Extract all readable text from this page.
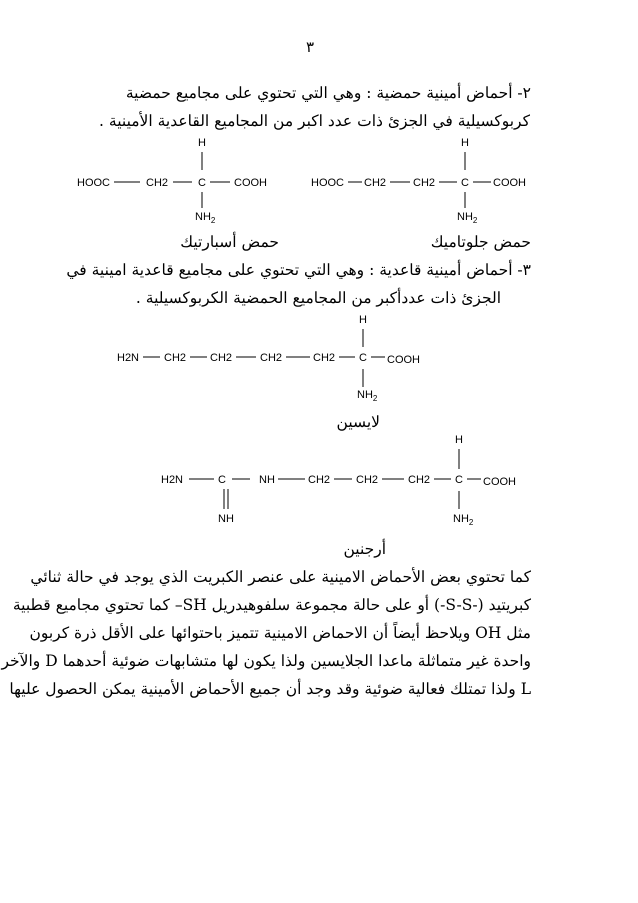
٣
٢- أحماض أمينية حمضية : وهي التي تحتوي على مجاميع حمضية
كربوكسيلية في الجزئ ذات عدد اكبر من المجاميع القاعدية الأمينية .
H
HOOC CH2 CH2 C COOH
$NH_2$
H
HOOC	CH2	C	COOH
$NH_2$
حمض جلوتاميك
حمض أسبارتيك
٣- أحماض أمينية قاعدية : وهي التي تحتوي على مجاميع قاعدية امينية في
الجزئ ذات عددأكبر من المجاميع الحمضية الكربوكسيلية .
H
H2N CH2 CH2	CH2	CH2 C COOH
$NH_2$
لايسين
H
H2N	C
NH
NH	CH2 CH2	CH2 C COOH
$NH_2$
أرجنين
كما تحتوي بعض الأحماض الامينية على عنصر الكبريت الذي يوجد في حالة ثنائي
كبريتيد (-S-S-) أو على حالة مجموعة سلفوهيدريل SH– كما تحتوي مجاميع قطبية
مثل OH ويلاحظ أيضاً أن الاحماض الامينية تتميز باحتوائها على الأقل ذرة كربون
واحدة غير متماثلة ماعدا الجلايسين ولذا يكون لها متشابهات ضوئية أحدهما D والآخر
L ولذا تمتلك فعالية ضوئية وقد وجد أن جميع الأحماض الأمينية يمكن الحصول عليها
